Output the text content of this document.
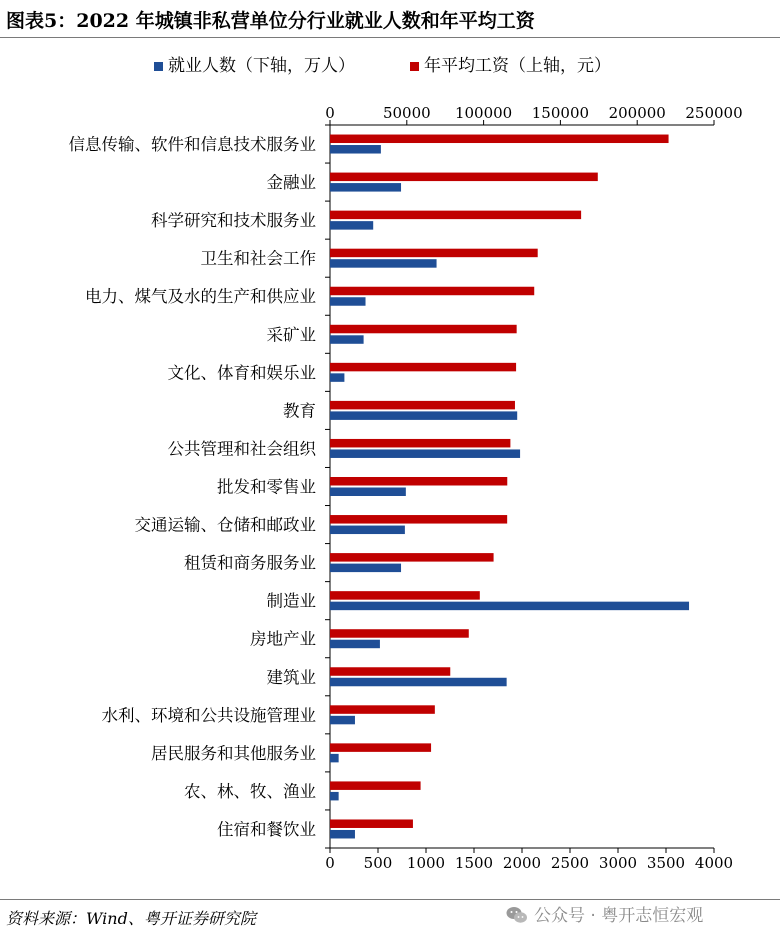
图表5：2022 年城镇非私营单位分行业就业人数和年平均工资
就业人数（下轴，万人）	年平均工资（上轴，元）
0	50000 100000 150000 200000 250000
0 500 1000 1500 2000 2500 3000 3500 4000
信息传输、软件和信息技术服务业
金融业
科学研究和技术服务业
卫生和社会工作
电力、煤气及水的生产和供应业
采矿业
文化、体育和娱乐业
教育
公共管理和社会组织
批发和零售业
交通运输、仓储和邮政业
租赁和商务服务业
制造业
房地产业
建筑业
水利、环境和公共设施管理业
居民服务和其他服务业
农、林、牧、渔业
住宿和餐饮业
资料来源：Wind、粤开证券研究院	公众号 · 粤开志恒宏观
